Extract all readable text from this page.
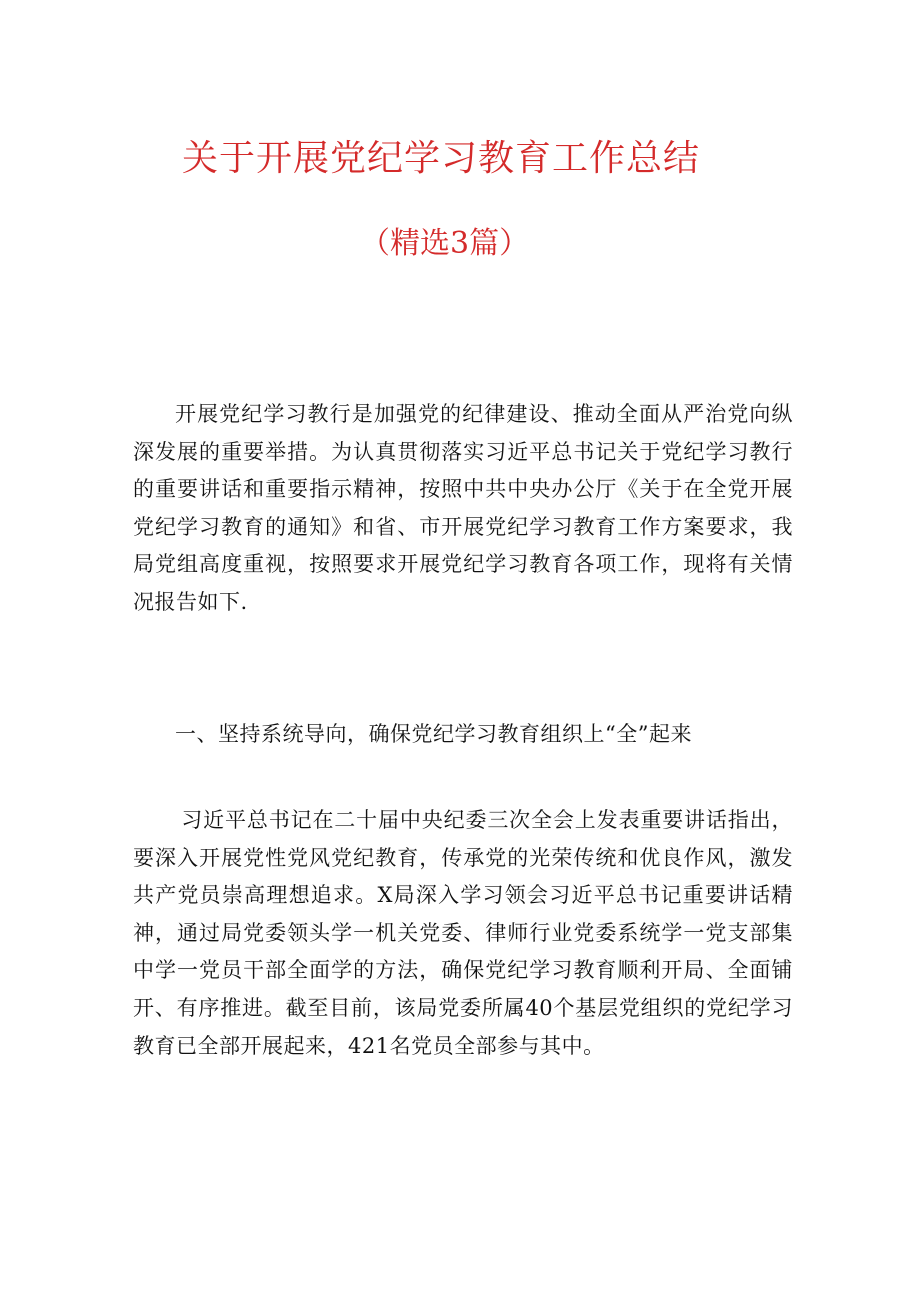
关于开展党纪学习教育工作总结
（精选3篇）

开展党纪学习教行是加强党的纪律建设、推动全面从严治党向纵深发展的重要举措。为认真贯彻落实习近平总书记关于党纪学习教行的重要讲话和重要指示精神，按照中共中央办公厅《关于在全党开展党纪学习教育的通知》和省、市开展党纪学习教育工作方案要求，我局党组高度重视，按照要求开展党纪学习教育各项工作，现将有关情况报告如下.

一、坚持系统导向，确保党纪学习教育组织上“全”起来

习近平总书记在二十届中央纪委三次全会上发表重要讲话指出，要深入开展党性党风党纪教育，传承党的光荣传统和优良作风，激发共产党员崇高理想追求。X局深入学习领会习近平总书记重要讲话精神，通过局党委领头学一机关党委、律师行业党委系统学一党支部集中学一党员干部全面学的方法，确保党纪学习教育顺利开局、全面铺开、有序推进。截至目前，该局党委所属40个基层党组织的党纪学习教育已全部开展起来，421名党员全部参与其中。
